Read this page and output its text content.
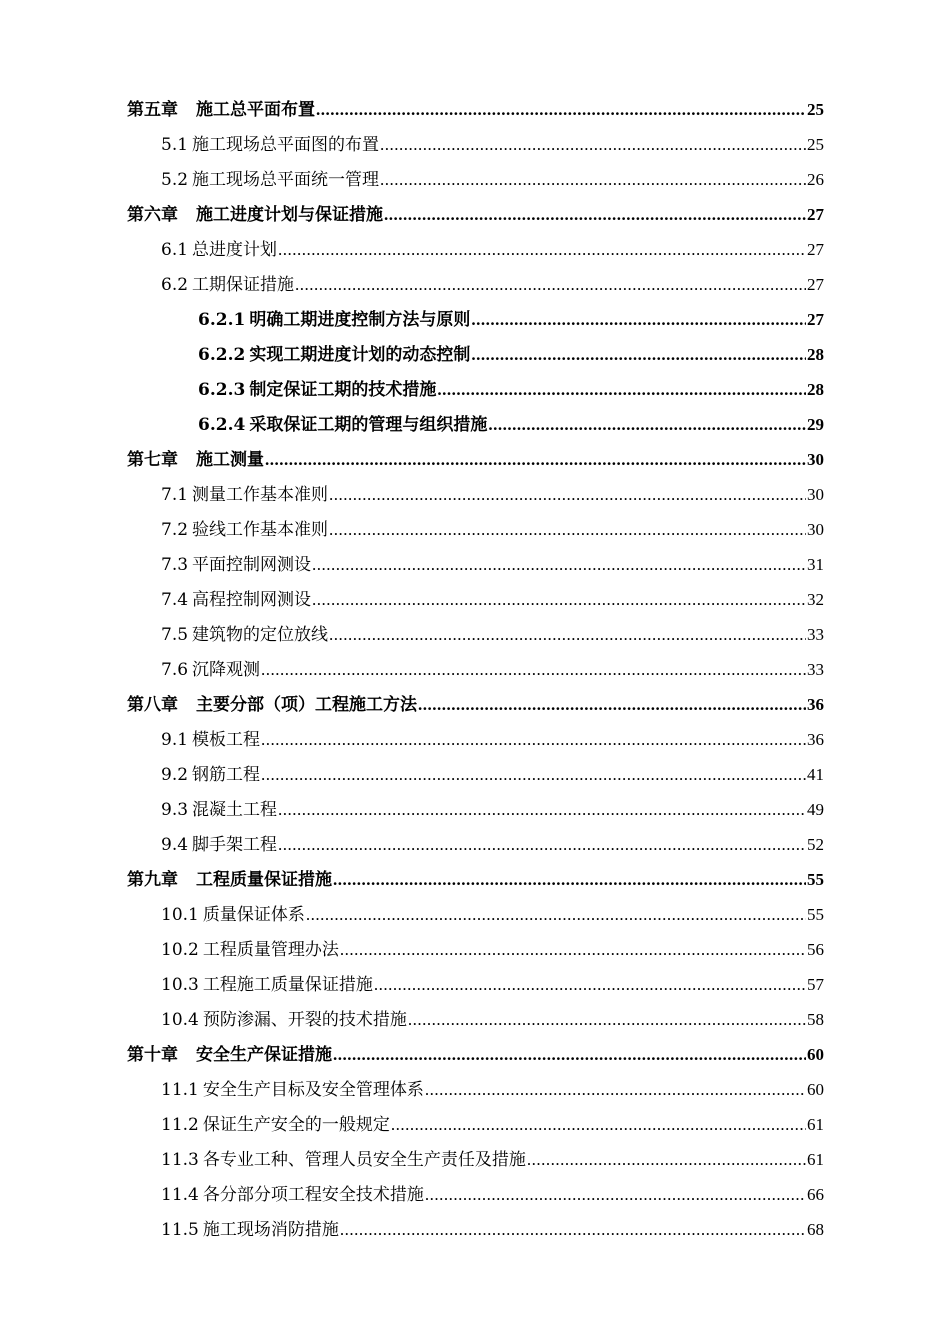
第五章 施工总平面布置 .....	25
5.1 施工现场总平面图的布置 .....	25
5.2 施工现场总平面统一管理 .....	26
第六章 施工进度计划与保证措施 .....	27
6.1 总进度计划 .....	27
6.2 工期保证措施 .....	27
6.2.1 明确工期进度控制方法与原则 .....	27
6.2.2 实现工期进度计划的动态控制 .....	28
6.2.3 制定保证工期的技术措施 .....	28
6.2.4 采取保证工期的管理与组织措施 .....	29
第七章 施工测量 .....	30
7.1 测量工作基本准则 .....	30
7.2 验线工作基本准则 .....	30
7.3 平面控制网测设 .....	31
7.4 高程控制网测设 .....	32
7.5 建筑物的定位放线 .....	33
7.6 沉降观测 .....	33
第八章 主要分部（项）工程施工方法 .....	36
9.1 模板工程 .....	36
9.2 钢筋工程 .....	41
9.3 混凝土工程 .....	49
9.4 脚手架工程 .....	52
第九章 工程质量保证措施 .....	55
10.1 质量保证体系 .....	55
10.2 工程质量管理办法 .....	56
10.3 工程施工质量保证措施 .....	57
10.4 预防渗漏、开裂的技术措施 .....	58
第十章 安全生产保证措施 .....	60
11.1 安全生产目标及安全管理体系 .....	60
11.2 保证生产安全的一般规定 .....	61
11.3 各专业工种、管理人员安全生产责任及措施 .....	61
11.4 各分部分项工程安全技术措施 .....	66
11.5 施工现场消防措施 .....	68
